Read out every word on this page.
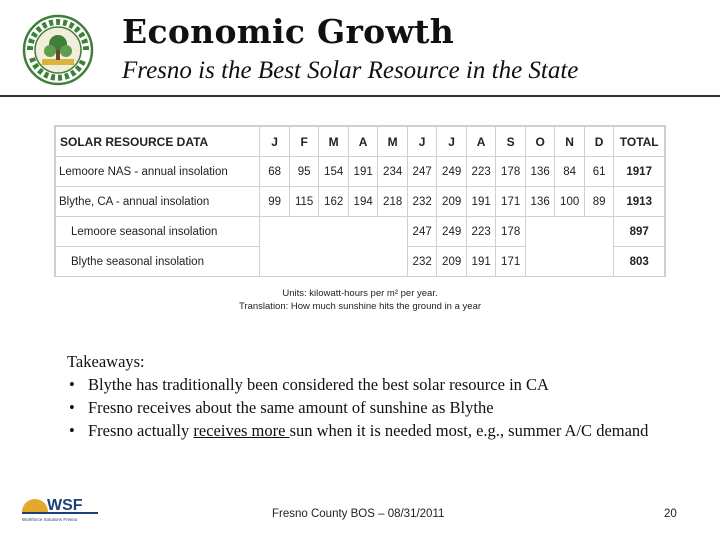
Economic Growth
Fresno is the Best Solar Resource in the State
SOLAR RESOURCE DATA	J	F	M	A	M	J	J	A	S	O	N	D	TOTAL
Lemoore NAS - annual insolation	68	95	154	191	234	247	249	223	178	136	84	61	1917
Blythe, CA - annual insolation	99	115	162	194	218	232	209	191	171	136	100	89	1913
Lemoore seasonal insolation						247	249	223	178				897
Blythe seasonal insolation						232	209	191	171				803
Units: kilowatt-hours per m² per year.
Translation: How much sunshine hits the ground in a year
Takeaways:
• Blythe has traditionally been considered the best solar resource in CA
• Fresno receives about the same amount of sunshine as Blythe
• Fresno actually receives more sun when it is needed most, e.g., summer A/C demand
WSF
Workforce Solutions Fresno	Fresno County BOS – 08/31/2011	20
